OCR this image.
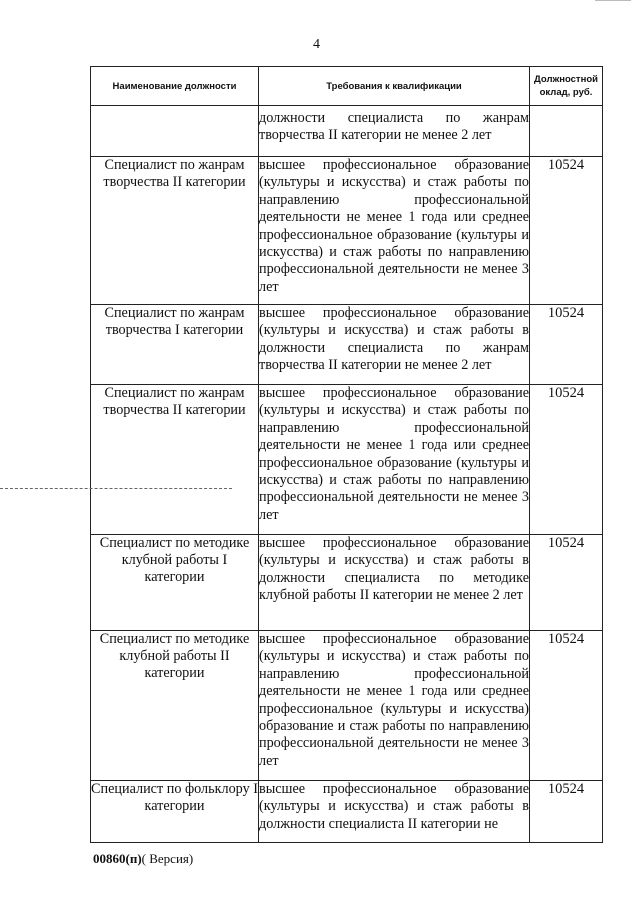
4
Наименование должности	Требования к квалификации	Должностной оклад, руб.
	должности специалиста по жанрам творчества II категории не менее 2 лет	
Специалист по жанрам творчества II категории	высшее профессиональное образование (культуры и искусства) и стаж работы по направлению профессиональной деятельности не менее 1 года или среднее профессиональное образование (культуры и искусства) и стаж работы по направлению профессиональной деятельности не менее 3 лет	10524
Специалист по жанрам творчества I категории	высшее профессиональное образование (культуры и искусства) и стаж работы в должности специалиста по жанрам творчества II категории не менее 2 лет	10524
Специалист по жанрам творчества II категории	высшее профессиональное образование (культуры и искусства) и стаж работы по направлению профессиональной деятельности не менее 1 года или среднее профессиональное образование (культуры и искусства) и стаж работы по направлению профессиональной деятельности не менее 3 лет	10524
Специалист по методике клубной работы I категории	высшее профессиональное образование (культуры и искусства) и стаж работы в должности специалиста по методике клубной работы II категории не менее 2 лет	10524
Специалист по методике клубной работы II категории	высшее профессиональное образование (культуры и искусства) и стаж работы по направлению профессиональной деятельности не менее 1 года или среднее профессиональное (культуры и искусства) образование и стаж работы по направлению профессиональной деятельности не менее 3 лет	10524
Специалист по фольклору I категории	высшее профессиональное образование (культуры и искусства) и стаж работы в должности специалиста II категории не	10524
00860(п)( Версия)
